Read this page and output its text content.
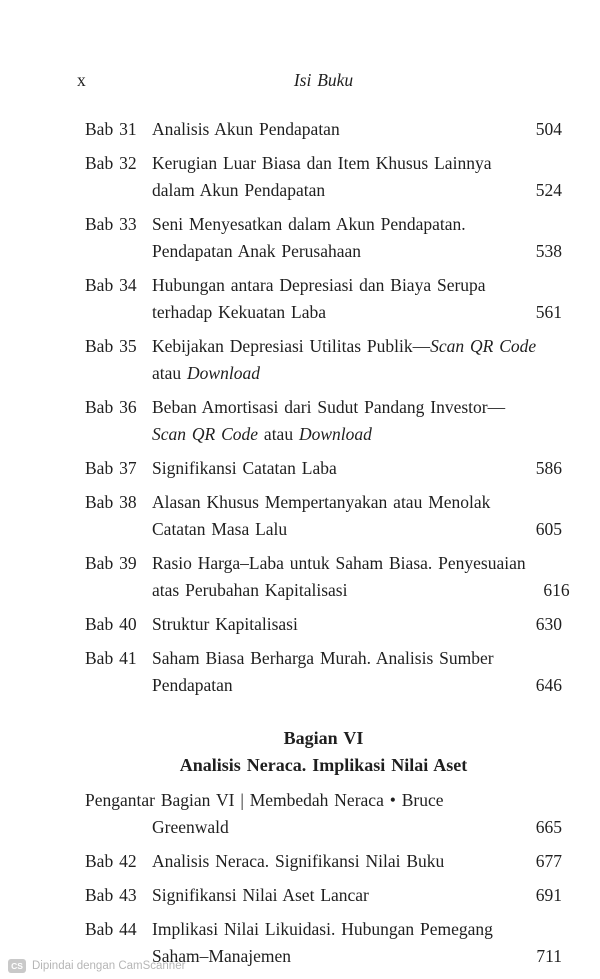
x	Isi Buku
Bab 31 Analisis Akun Pendapatan	504
Bab 32 Kerugian Luar Biasa dan Item Khusus Lainnya
dalam Akun Pendapatan	524
Bab 33 Seni Menyesatkan dalam Akun Pendapatan.
Pendapatan Anak Perusahaan	538
Bab 34 Hubungan antara Depresiasi dan Biaya Serupa
terhadap Kekuatan Laba	561
Bab 35 Kebijakan Depresiasi Utilitas Publik—Scan QR Code
atau Download
Bab 36 Beban Amortisasi dari Sudut Pandang Investor—
Scan QR Code atau Download
Bab 37 Signifikansi Catatan Laba	586
Bab 38 Alasan Khusus Mempertanyakan atau Menolak
Catatan Masa Lalu	605
Bab 39 Rasio Harga–Laba untuk Saham Biasa. Penyesuaian
atas Perubahan Kapitalisasi	616
Bab 40 Struktur Kapitalisasi	630
Bab 41 Saham Biasa Berharga Murah. Analisis Sumber
Pendapatan	646
Bagian VI
Analisis Neraca. Implikasi Nilai Aset
Pengantar Bagian VI | Membedah Neraca • Bruce
Greenwald	665
Bab 42 Analisis Neraca. Signifikansi Nilai Buku	677
Bab 43 Signifikansi Nilai Aset Lancar	691
Bab 44 Implikasi Nilai Likuidasi. Hubungan Pemegang
Saham–Manajemen	711
CS Dipindai dengan CamScanner
